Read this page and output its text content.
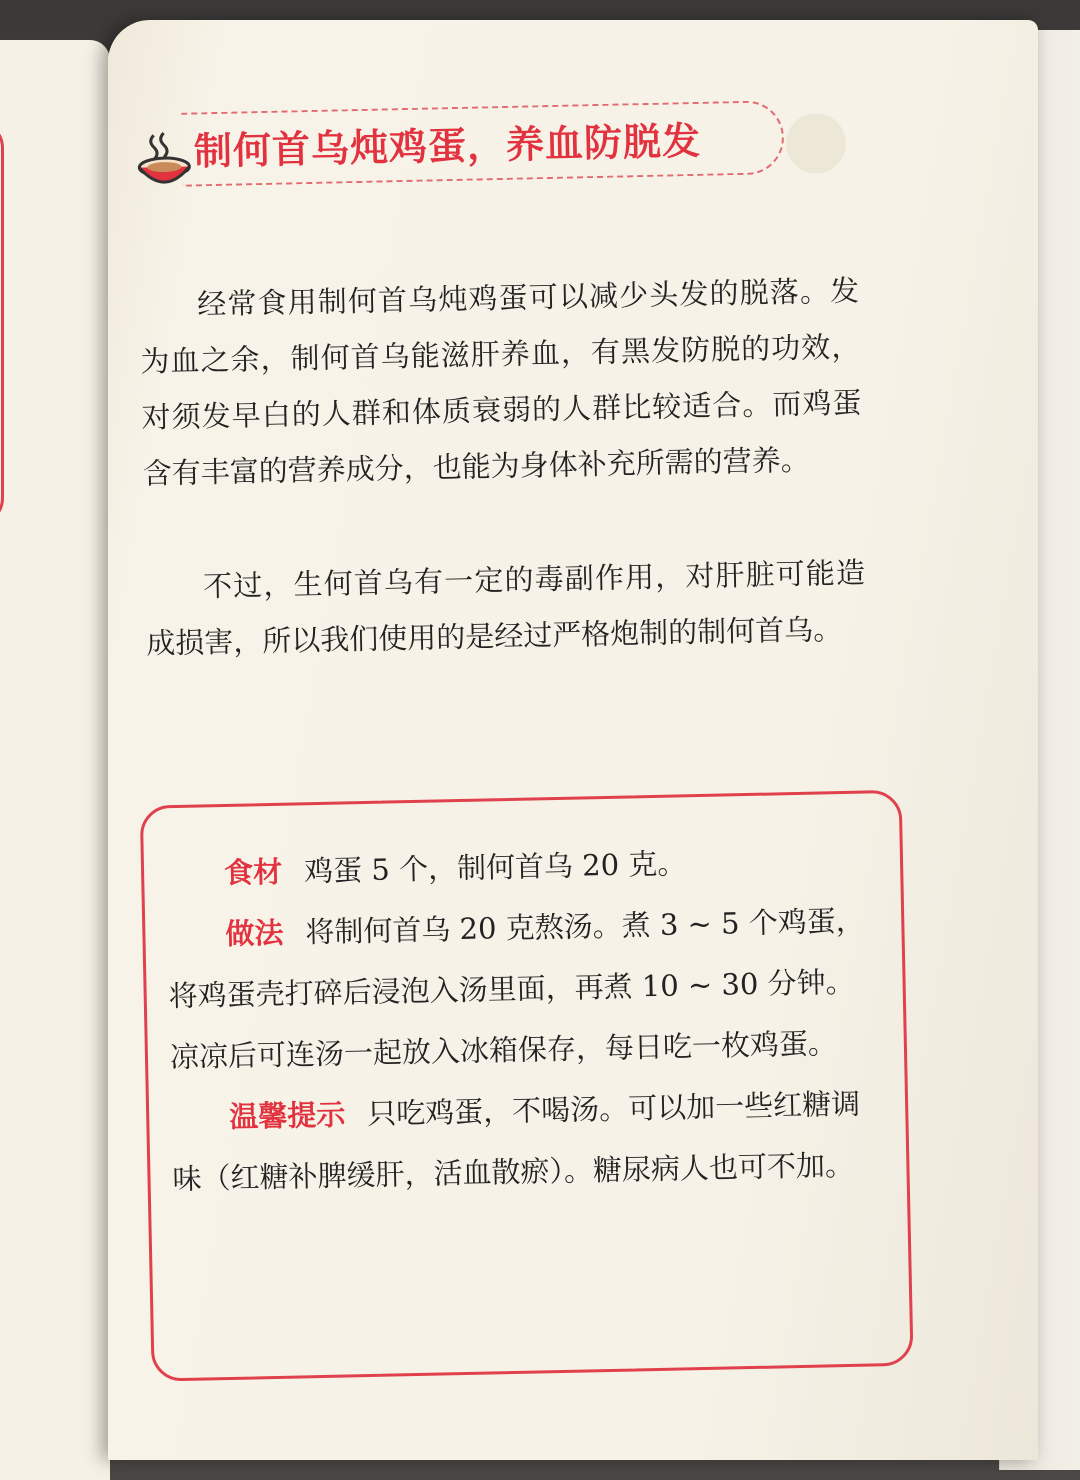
制何首乌炖鸡蛋，养血防脱发

经常食用制何首乌炖鸡蛋可以减少头发的脱落。发为血之余，制何首乌能滋肝养血，有黑发防脱的功效，对须发早白的人群和体质衰弱的人群比较适合。而鸡蛋含有丰富的营养成分，也能为身体补充所需的营养。

不过，生何首乌有一定的毒副作用，对肝脏可能造成损害，所以我们使用的是经过严格炮制的制何首乌。

食材 鸡蛋 5 个，制何首乌 20 克。

做法 将制何首乌 20 克熬汤。煮 3 ~ 5 个鸡蛋，将鸡蛋壳打碎后浸泡入汤里面，再煮 10 ~ 30 分钟。凉凉后可连汤一起放入冰箱保存，每日吃一枚鸡蛋。

温馨提示 只吃鸡蛋，不喝汤。可以加一些红糖调味（红糖补脾缓肝，活血散瘀）。糖尿病人也可不加。
